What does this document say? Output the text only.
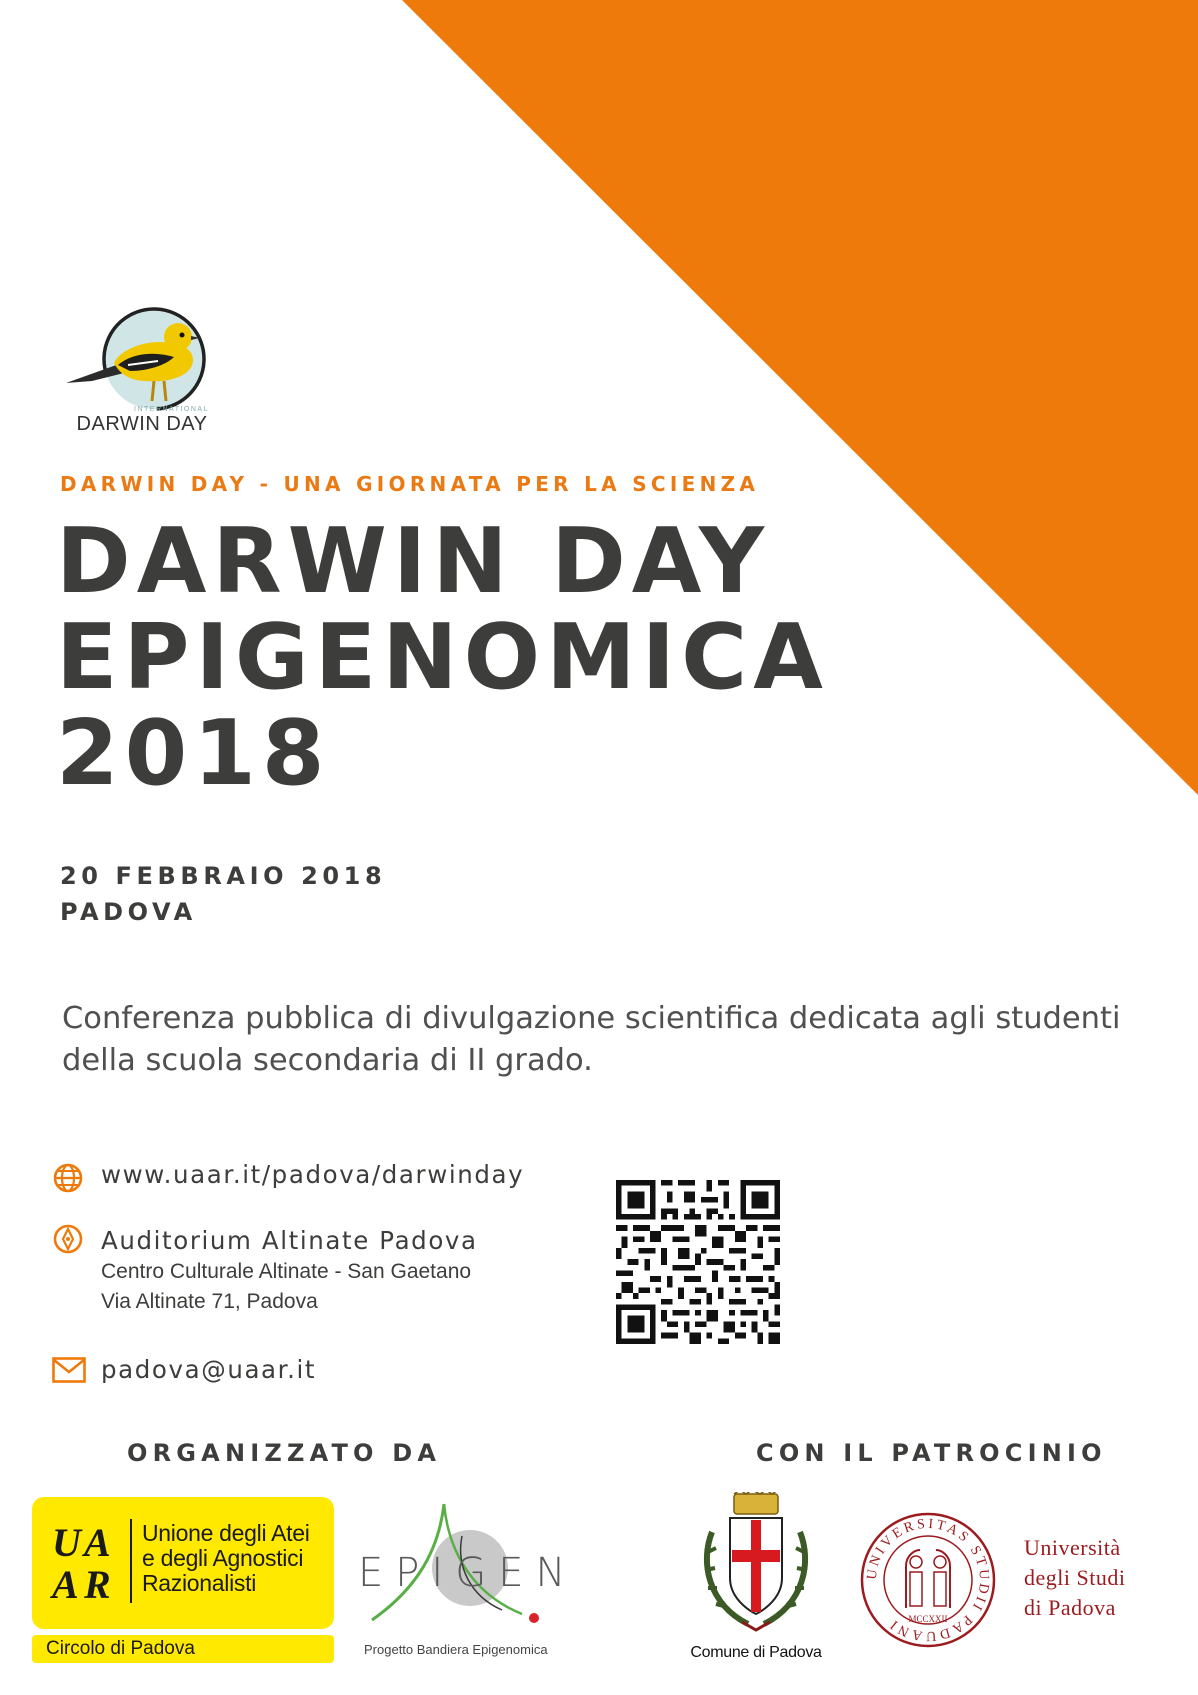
INTERNATIONAL
DARWIN DAY
DARWIN DAY - UNA GIORNATA PER LA SCIENZA
DARWIN DAY
EPIGENOMICA
2018
20 FEBBRAIO 2018
PADOVA
Conferenza pubblica di divulgazione scientifica dedicata agli studenti della scuola secondaria di II grado.
www.uaar.it/padova/darwinday
Auditorium Altinate Padova
Centro Culturale Altinate - San Gaetano
Via Altinate 71, Padova
padova@uaar.it
ORGANIZZATO DA	CON IL PATROCINIO
U A
A R
Unione degli Atei
e degli Agnostici
Razionalisti
Circolo di Padova
EPIGEN
Progetto Bandiera Epigenomica	Comune di Padova
UNIVERSITAS STUDII PADUANI MCCXXII
Università
degli Studi
di Padova
